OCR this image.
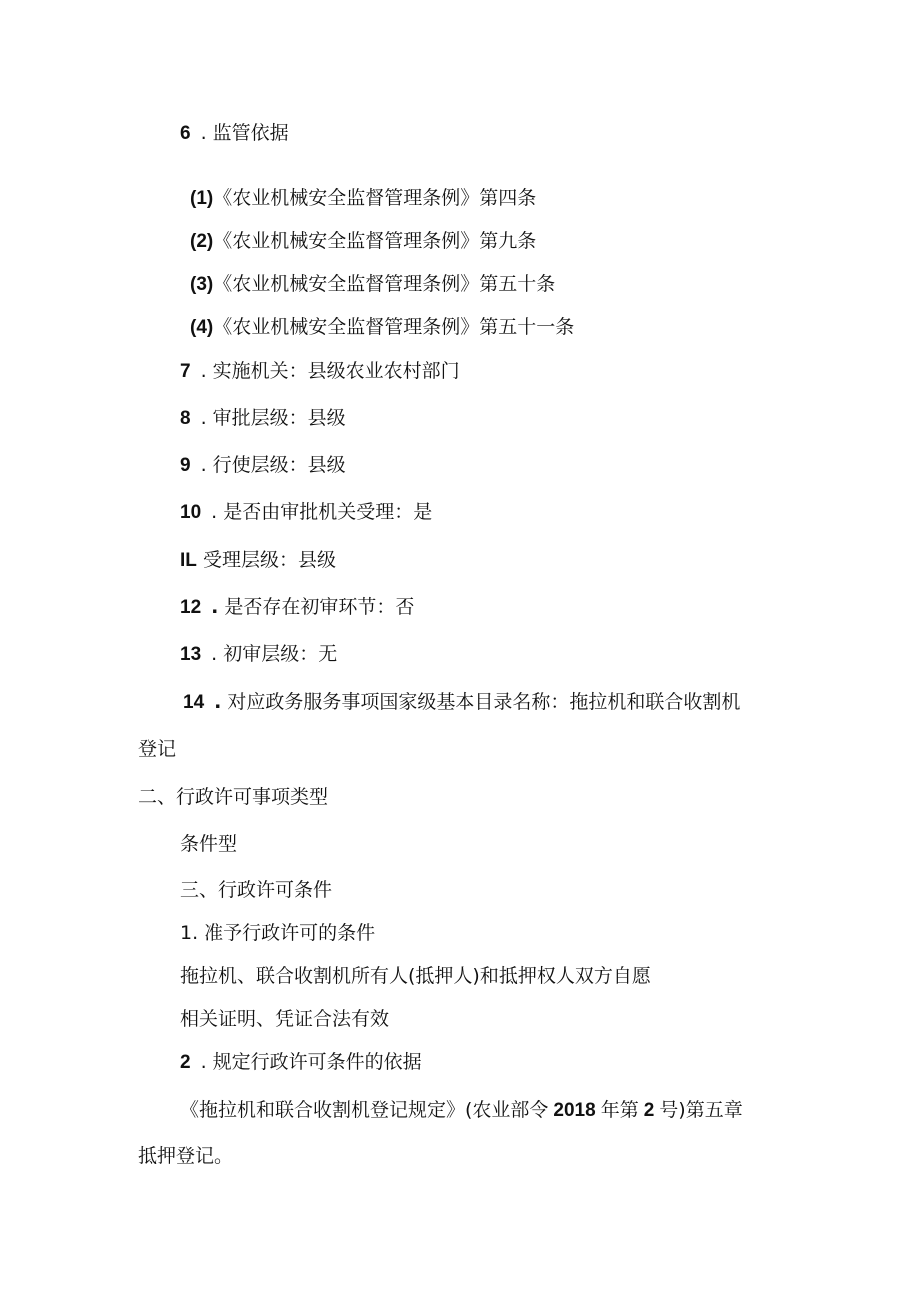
6 . 监管依据
(1)《农业机械安全监督管理条例》第四条
(2)《农业机械安全监督管理条例》第九条
(3)《农业机械安全监督管理条例》第五十条
(4)《农业机械安全监督管理条例》第五十一条
7 . 实施机关：县级农业农村部门
8 . 审批层级：县级
9 . 行使层级：县级
10 . 是否由审批机关受理：是
IL 受理层级：县级
12 . 是否存在初审环节：否
13 . 初审层级：无
14 . 对应政务服务事项国家级基本目录名称：拖拉机和联合收割机
登记
二、行政许可事项类型
条件型
三、行政许可条件
1. 准予行政许可的条件
拖拉机、联合收割机所有人(抵押人)和抵押权人双方自愿
相关证明、凭证合法有效
2 . 规定行政许可条件的依据
《拖拉机和联合收割机登记规定》(农业部令 2018 年第 2 号)第五章
抵押登记。
